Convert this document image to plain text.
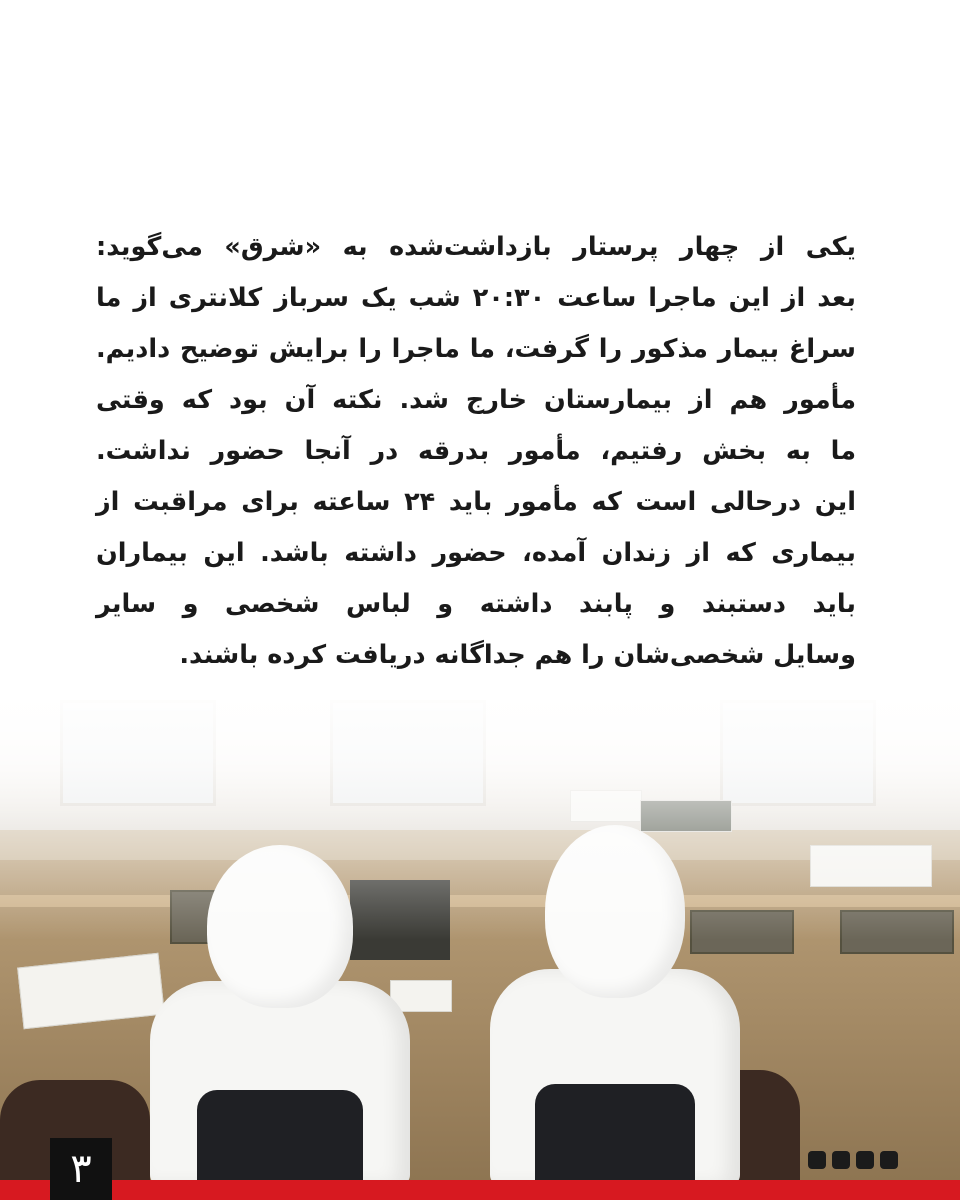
یکی از چهار پرستار بازداشت‌شده به «شرق» می‌گوید:
بعد از این ماجرا ساعت ۲۰:۳۰ شب یک سرباز کلانتری از ما
سراغ بیمار مذکور را گرفت، ما ماجرا را برایش توضیح دادیم.
مأمور هم از بیمارستان خارج شد. نکته آن بود که وقتی
ما به بخش رفتیم، مأمور بدرقه در آنجا حضور نداشت.
این درحالی است که مأمور باید ۲۴ ساعته برای مراقبت از
بیماری که از زندان آمده، حضور داشته باشد. این بیماران
باید دستبند و پابند داشته و لباس شخصی و سایر
وسایل شخصی‌شان را هم جداگانه دریافت کرده باشند.
۳
